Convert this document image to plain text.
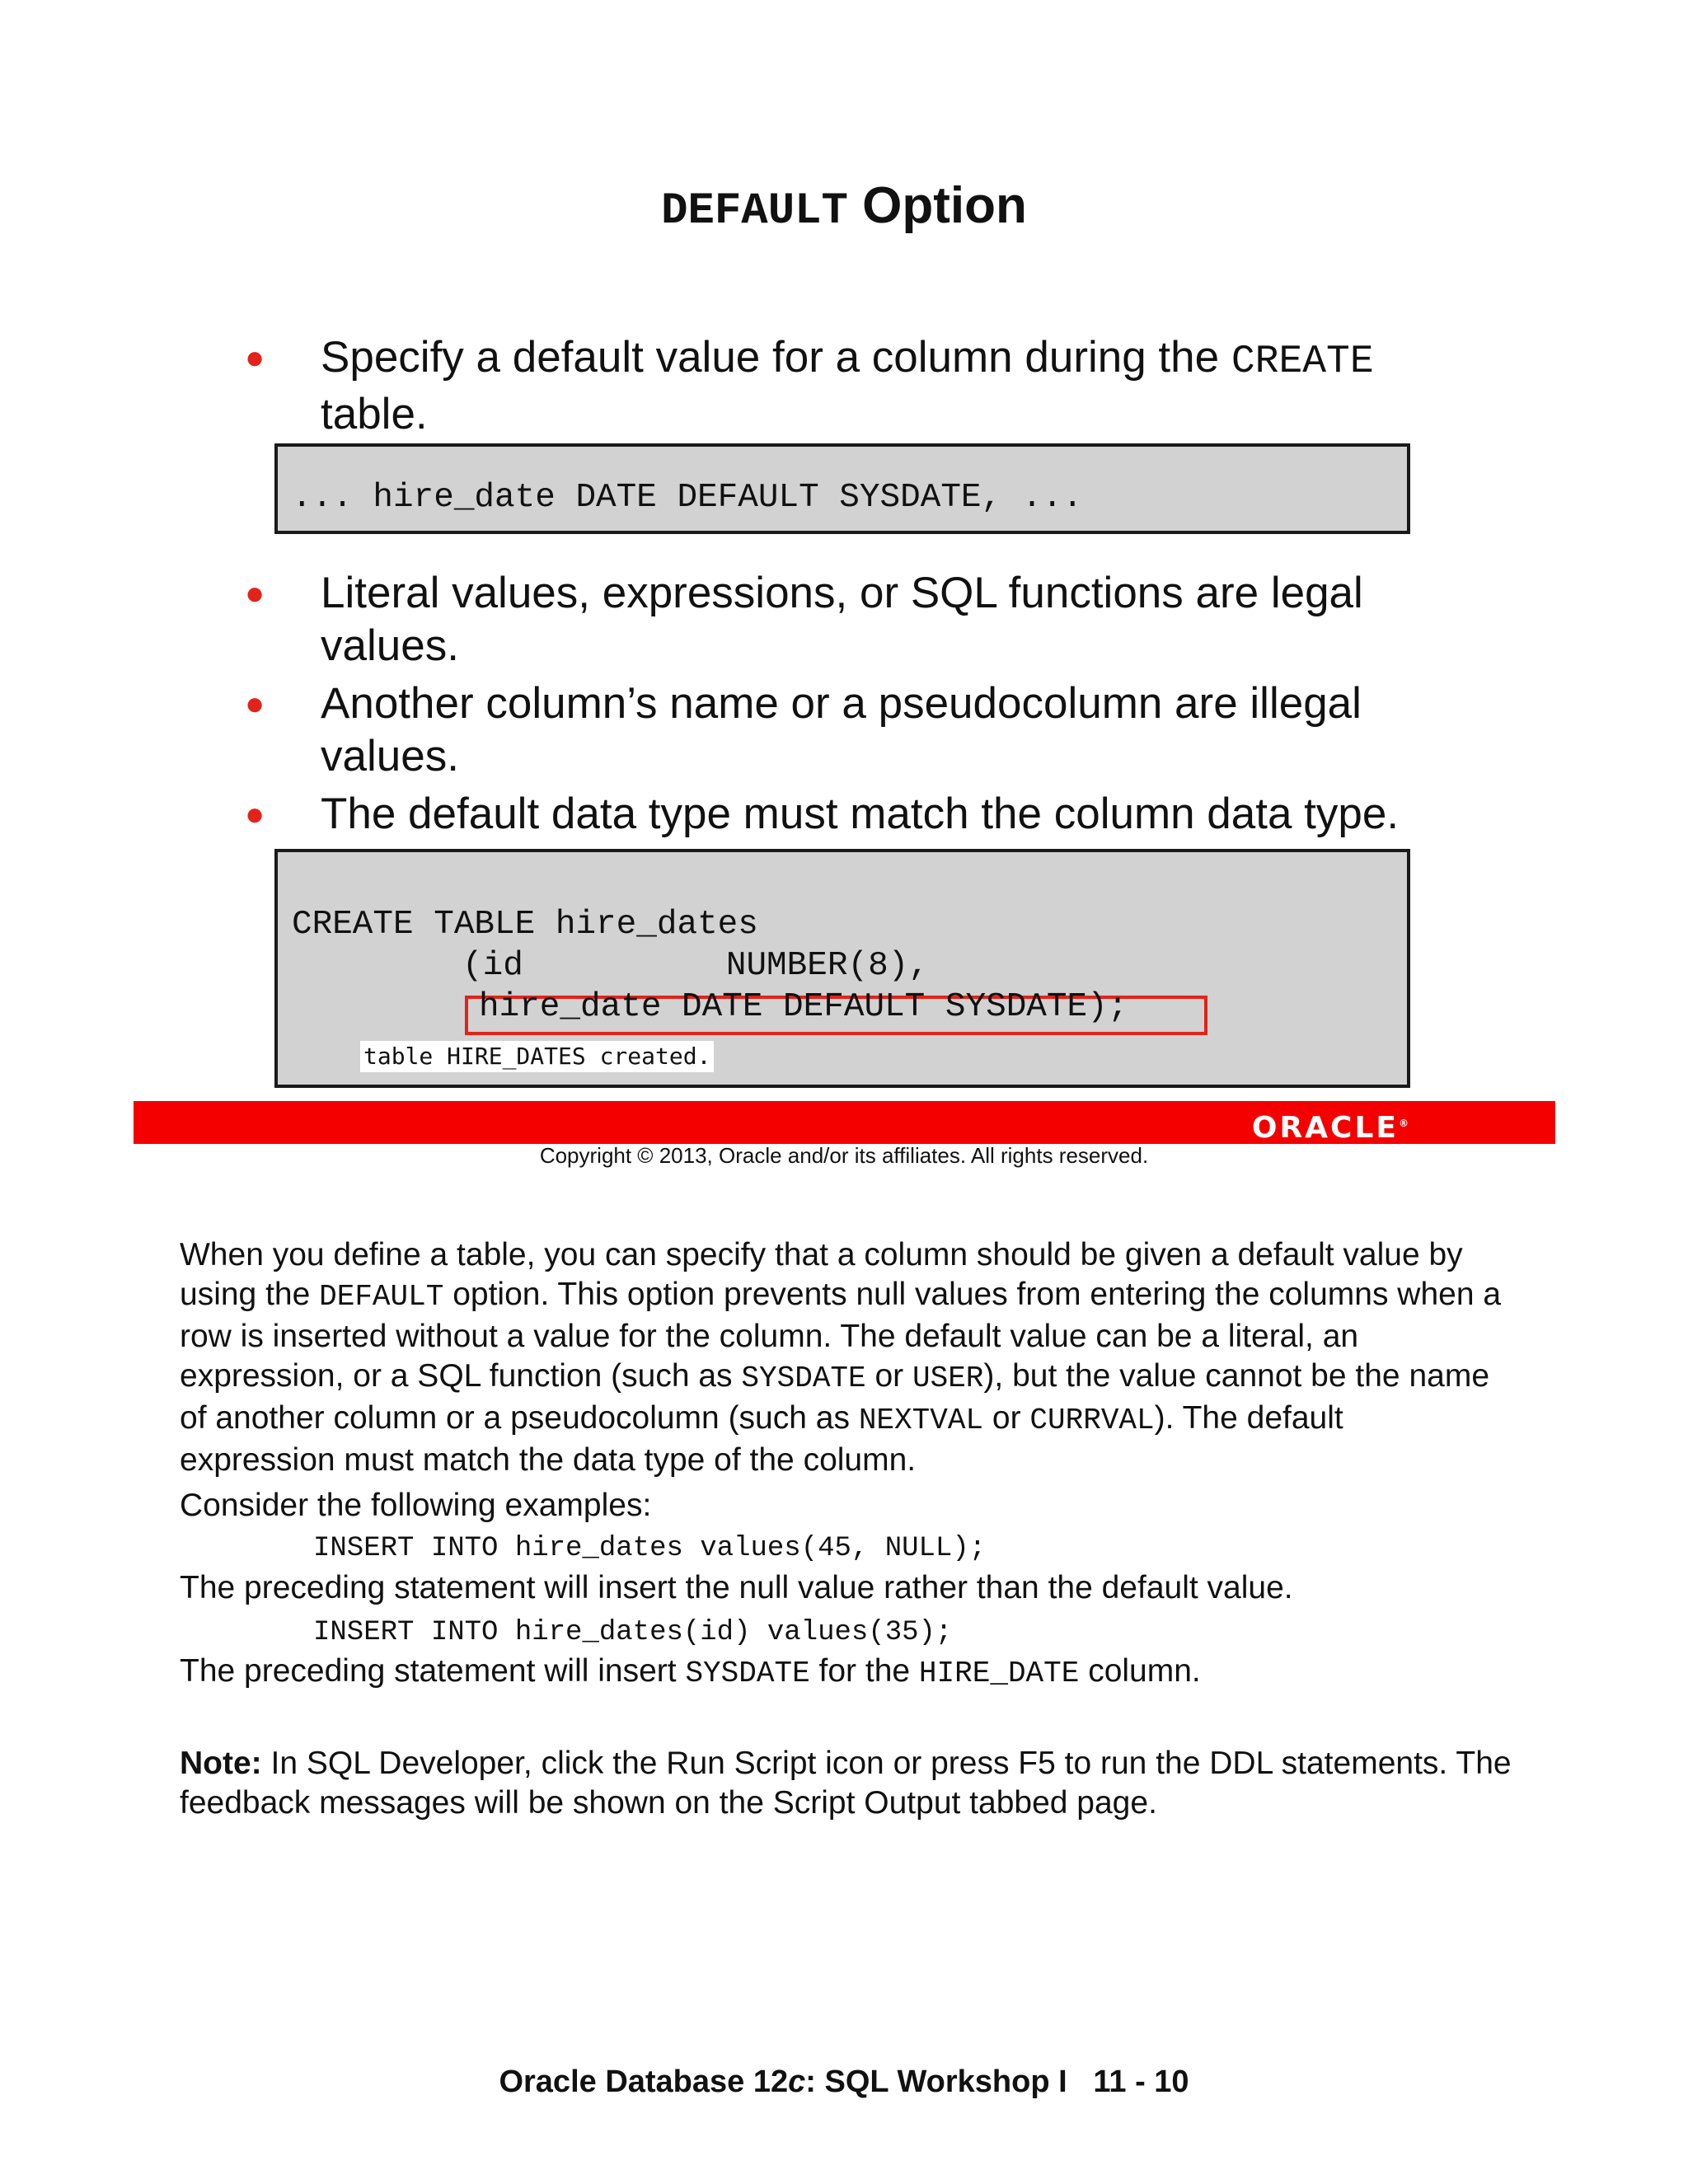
DEFAULT Option
● Specify a default value for a column during the CREATE
table.
... hire_date DATE DEFAULT SYSDATE, ...
● Literal values, expressions, or SQL functions are legal
values.
● Another column’s name or a pseudocolumn are illegal
values.
● The default data type must match the column data type.
CREATE TABLE hire_dates
(id          NUMBER(8),
hire_date DATE DEFAULT SYSDATE);
table HIRE_DATES created.
ORACLE®
Copyright © 2013, Oracle and/or its affiliates. All rights reserved.
When you define a table, you can specify that a column should be given a default value by
using the DEFAULT option. This option prevents null values from entering the columns when a
row is inserted without a value for the column. The default value can be a literal, an
expression, or a SQL function (such as SYSDATE or USER), but the value cannot be the name
of another column or a pseudocolumn (such as NEXTVAL or CURRVAL). The default
expression must match the data type of the column.
Consider the following examples:
INSERT INTO hire_dates values(45, NULL);
The preceding statement will insert the null value rather than the default value.
INSERT INTO hire_dates(id) values(35);
The preceding statement will insert SYSDATE for the HIRE_DATE column.
Note: In SQL Developer, click the Run Script icon or press F5 to run the DDL statements. The
feedback messages will be shown on the Script Output tabbed page.
Oracle Database 12c: SQL Workshop I   11 - 10
